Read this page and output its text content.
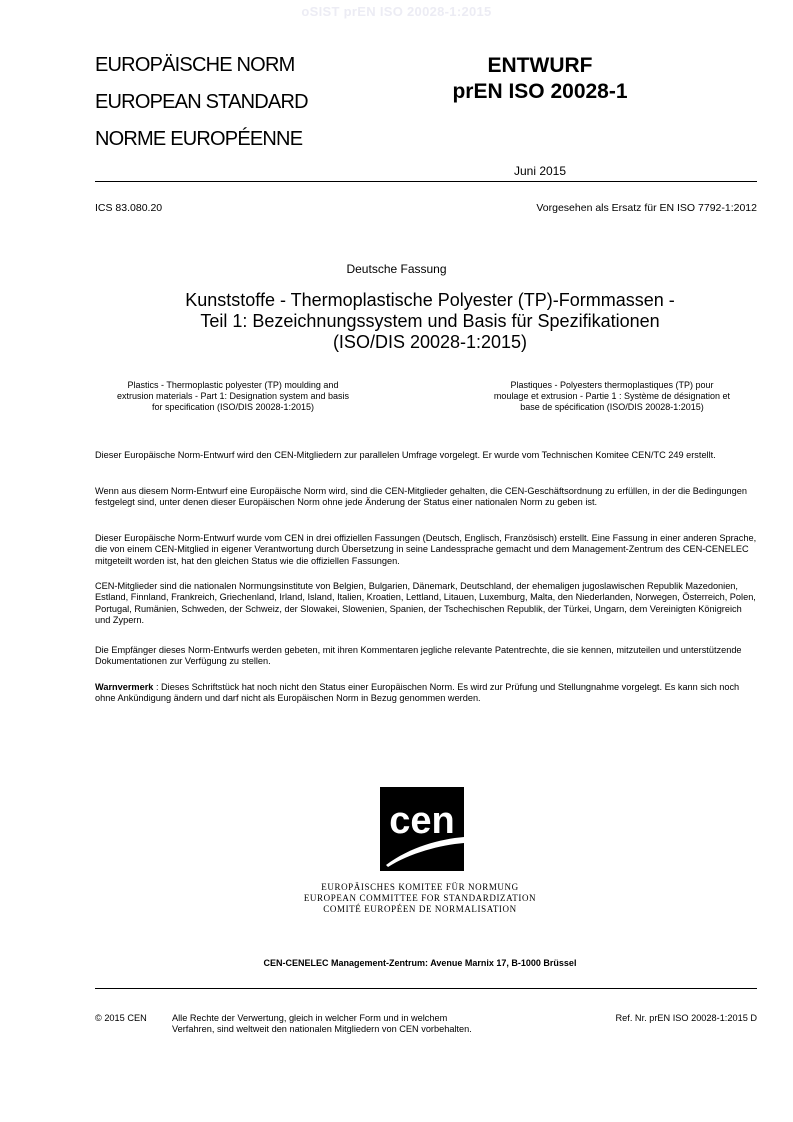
oSIST prEN ISO 20028-1:2015
EUROPÄISCHE NORM
EUROPEAN STANDARD
NORME EUROPÉENNE
ENTWURF
prEN ISO 20028-1
Juni 2015
ICS 83.080.20	Vorgesehen als Ersatz für EN ISO 7792-1:2012
Deutsche Fassung
Kunststoffe - Thermoplastische Polyester (TP)-Formmassen -
Teil 1: Bezeichnungssystem und Basis für Spezifikationen
(ISO/DIS 20028-1:2015)
Plastics - Thermoplastic polyester (TP) moulding and
extrusion materials - Part 1: Designation system and basis
for specification (ISO/DIS 20028-1:2015)
Plastiques - Polyesters thermoplastiques (TP) pour
moulage et extrusion - Partie 1 : Système de désignation et
base de spécification (ISO/DIS 20028-1:2015)

Dieser Europäische Norm-Entwurf wird den CEN-Mitgliedern zur parallelen Umfrage vorgelegt. Er wurde vom Technischen Komitee CEN/TC 249 erstellt.

Wenn aus diesem Norm-Entwurf eine Europäische Norm wird, sind die CEN-Mitglieder gehalten, die CEN-Geschäftsordnung zu erfüllen, in der die Bedingungen festgelegt sind, unter denen dieser Europäischen Norm ohne jede Änderung der Status einer nationalen Norm zu geben ist.

Dieser Europäische Norm-Entwurf wurde vom CEN in drei offiziellen Fassungen (Deutsch, Englisch, Französisch) erstellt. Eine Fassung in einer anderen Sprache, die von einem CEN-Mitglied in eigener Verantwortung durch Übersetzung in seine Landessprache gemacht und dem Management-Zentrum des CEN-CENELEC mitgeteilt worden ist, hat den gleichen Status wie die offiziellen Fassungen.

CEN-Mitglieder sind die nationalen Normungsinstitute von Belgien, Bulgarien, Dänemark, Deutschland, der ehemaligen jugoslawischen Republik Mazedonien, Estland, Finnland, Frankreich, Griechenland, Irland, Island, Italien, Kroatien, Lettland, Litauen, Luxemburg, Malta, den Niederlanden, Norwegen, Österreich, Polen, Portugal, Rumänien, Schweden, der Schweiz, der Slowakei, Slowenien, Spanien, der Tschechischen Republik, der Türkei, Ungarn, dem Vereinigten Königreich und Zypern.

Die Empfänger dieses Norm-Entwurfs werden gebeten, mit ihren Kommentaren jegliche relevante Patentrechte, die sie kennen, mitzuteilen und unterstützende Dokumentationen zur Verfügung zu stellen.

Warnvermerk : Dieses Schriftstück hat noch nicht den Status einer Europäischen Norm. Es wird zur Prüfung und Stellungnahme vorgelegt. Es kann sich noch ohne Ankündigung ändern und darf nicht als Europäischen Norm in Bezug genommen werden.

cen
EUROPÄISCHES KOMITEE FÜR NORMUNG
EUROPEAN COMMITTEE FOR STANDARDIZATION
COMITÉ EUROPÉEN DE NORMALISATION
CEN-CENELEC Management-Zentrum: Avenue Marnix 17, B-1000 Brüssel
© 2015 CEN	Alle Rechte der Verwertung, gleich in welcher Form und in welchem
Verfahren, sind weltweit den nationalen Mitgliedern von CEN vorbehalten.
Ref. Nr. prEN ISO 20028-1:2015 D
